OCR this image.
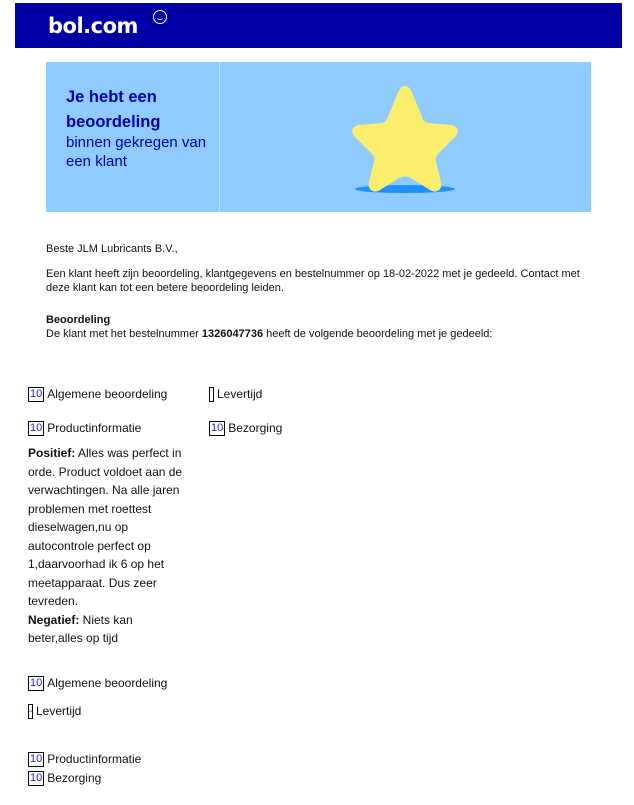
bol.com
Je hebt een beoordeling
binnen gekregen van een klant
Beste JLM Lubricants B.V.,
Een klant heeft zijn beoordeling, klantgegevens en bestelnummer op 18-02-2022 met je gedeeld. Contact met deze klant kan tot een betere beoordeling leiden.
Beoordeling
De klant met het bestelnummer 1326047736 heeft de volgende beoordeling met je gedeeld:
10 Algemene beoordeling	Levertijd
10 Productinformatie	10 Bezorging
Positief: Alles was perfect in orde. Product voldoet aan de verwachtingen. Na alle jaren problemen met roettest dieselwagen,nu op autocontrole perfect op 1,daarvoorhad ik 6 op het meetapparaat. Dus zeer tevreden.
Negatief: Niets kan beter,alles op tijd
10 Algemene beoordeling
- Levertijd
10 Productinformatie
10 Bezorging
